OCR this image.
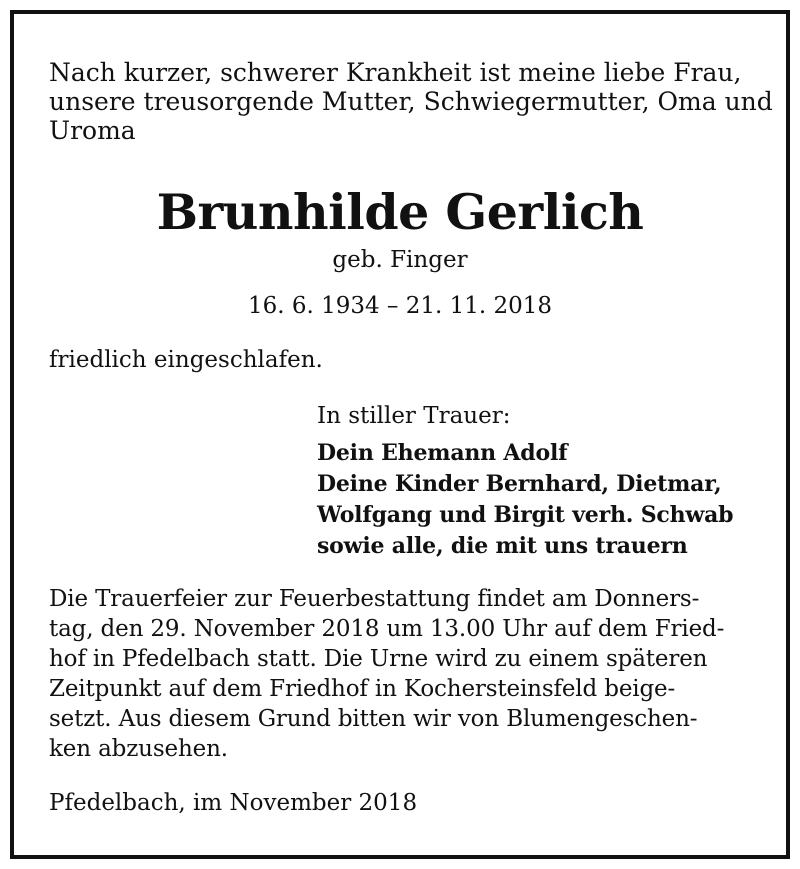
Nach kurzer, schwerer Krankheit ist meine liebe Frau,
unsere treusorgende Mutter, Schwiegermutter, Oma und
Uroma
Brunhilde Gerlich
geb. Finger
16. 6. 1934 – 21. 11. 2018
friedlich eingeschlafen.
In stiller Trauer:
Dein Ehemann Adolf
Deine Kinder Bernhard, Dietmar,
Wolfgang und Birgit verh. Schwab
sowie alle, die mit uns trauern
Die Trauerfeier zur Feuerbestattung findet am Donners-
tag, den 29. November 2018 um 13.00 Uhr auf dem Fried-
hof in Pfedelbach statt. Die Urne wird zu einem späteren
Zeitpunkt auf dem Friedhof in Kochersteinsfeld beige-
setzt. Aus diesem Grund bitten wir von Blumengeschen-
ken abzusehen.
Pfedelbach, im November 2018
